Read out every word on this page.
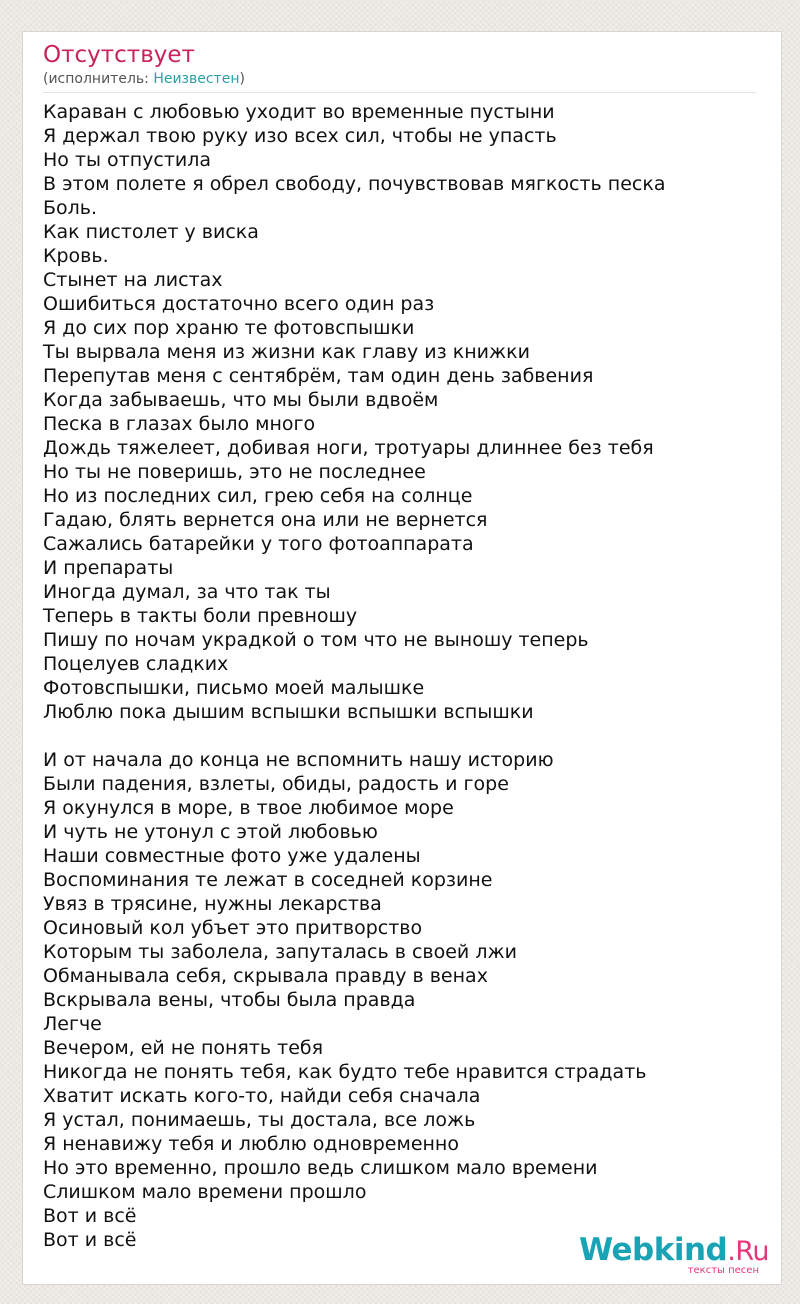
Отсутствует
(исполнитель: Неизвестен)
Караван с любовью уходит во временные пустыни
Я держал твою руку изо всех сил, чтобы не упасть
Но ты отпустила
В этом полете я обрел свободу, почувствовав мягкость песка
Боль.
Как пистолет у виска
Кровь.
Стынет на листах
Ошибиться достаточно всего один раз
Я до сих пор храню те фотовспышки
Ты вырвала меня из жизни как главу из книжки
Перепутав меня с сентябрём, там один день забвения
Когда забываешь, что мы были вдвоём
Песка в глазах было много
Дождь тяжелеет, добивая ноги, тротуары длиннее без тебя
Но ты не поверишь, это не последнее
Но из последних сил, грею себя на солнце
Гадаю, блять вернется она или не вернется
Сажались батарейки у того фотоаппарата
И препараты
Иногда думал, за что так ты
Теперь в такты боли превношу
Пишу по ночам украдкой о том что не выношу теперь
Поцелуев сладких
Фотовспышки, письмо моей малышке
Люблю пока дышим вспышки вспышки вспышки
И от начала до конца не вспомнить нашу историю
Были падения, взлеты, обиды, радость и горе
Я окунулся в море, в твое любимое море
И чуть не утонул с этой любовью
Наши совместные фото уже удалены
Воспоминания те лежат в соседней корзине
Увяз в трясине, нужны лекарства
Осиновый кол убъет это притворство
Которым ты заболела, запуталась в своей лжи
Обманывала себя, скрывала правду в венах
Вскрывала вены, чтобы была правда
Легче
Вечером, ей не понять тебя
Никогда не понять тебя, как будто тебе нравится страдать
Хватит искать кого-то, найди себя сначала
Я устал, понимаешь, ты достала, все ложь
Я ненавижу тебя и люблю одновременно
Но это временно, прошло ведь слишком мало времени
Слишком мало времени прошло
Вот и всё
Вот и всё	Webkind.Ru
тексты песен
